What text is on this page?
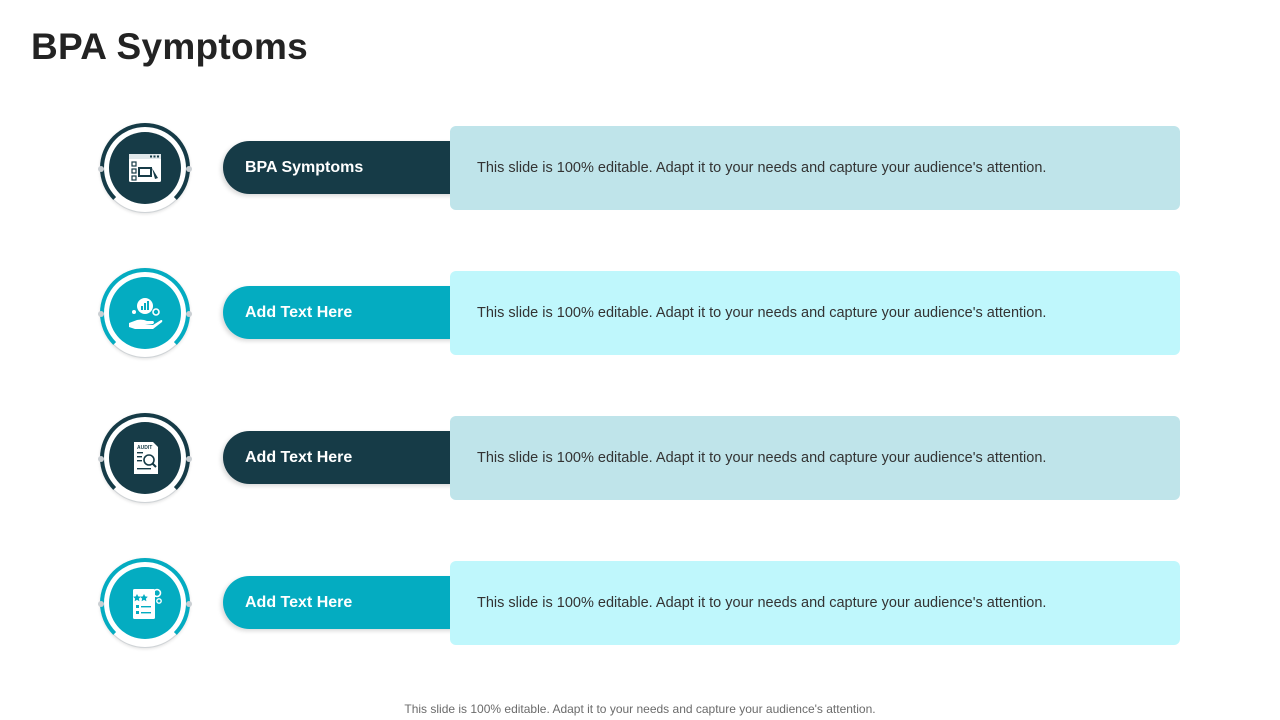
BPA Symptoms
BPA Symptoms	This slide is 100% editable. Adapt it to your needs and capture your audience's attention.
Add Text Here	This slide is 100% editable. Adapt it to your needs and capture your audience's attention.
AUDIT
Add Text Here	This slide is 100% editable. Adapt it to your needs and capture your audience's attention.
Add Text Here	This slide is 100% editable. Adapt it to your needs and capture your audience's attention.
This slide is 100% editable. Adapt it to your needs and capture your audience's attention.
